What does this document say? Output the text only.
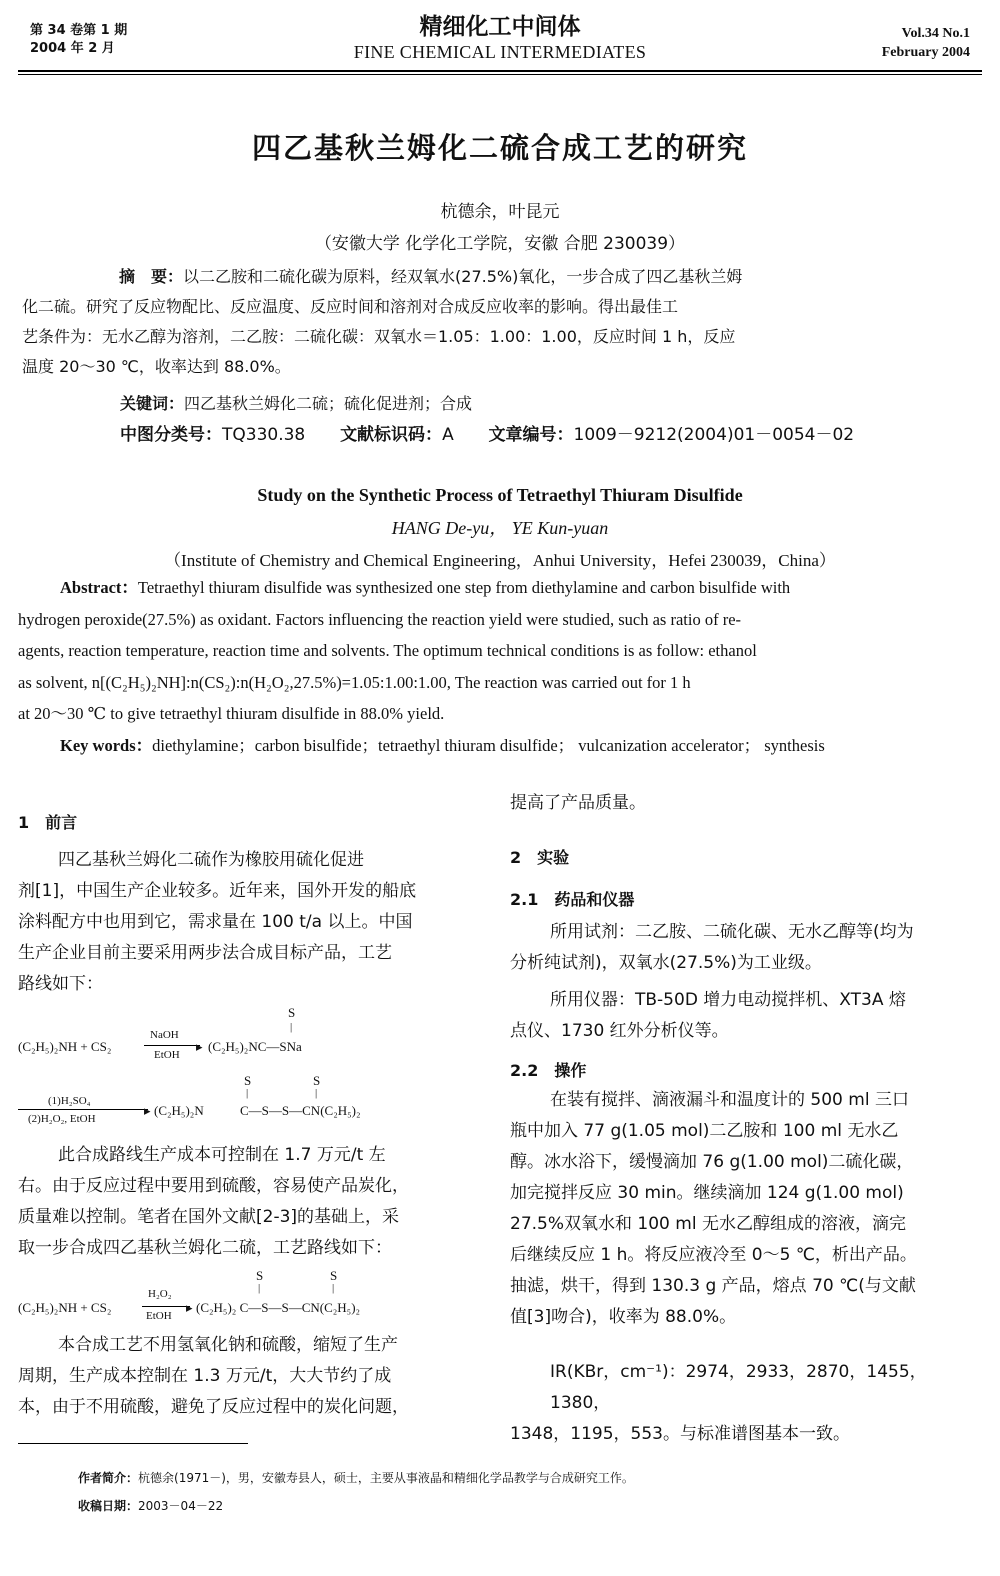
第 34 卷第 1 期
2004 年 2 月
精细化工中间体
FINE CHEMICAL INTERMEDIATES
Vol.34 No.1
February 2004
四乙基秋兰姆化二硫合成工艺的研究
杭德余，叶昆元
（安徽大学 化学化工学院，安徽 合肥 230039）
摘　要：以二乙胺和二硫化碳为原料，经双氧水(27.5%)氧化，一步合成了四乙基秋兰姆
化二硫。研究了反应物配比、反应温度、反应时间和溶剂对合成反应收率的影响。得出最佳工
艺条件为：无水乙醇为溶剂，二乙胺：二硫化碳：双氧水＝1.05：1.00：1.00，反应时间 1 h，反应
温度 20～30 ℃，收率达到 88.0%。
关键词：四乙基秋兰姆化二硫；硫化促进剂；合成
中图分类号：TQ330.38 文献标识码：A 文章编号：1009－9212(2004)01－0054－02
Study on the Synthetic Process of Tetraethyl Thiuram Disulfide
HANG De-yu， YE Kun-yuan
（Institute of Chemistry and Chemical Engineering，Anhui University，Hefei 230039，China）
Abstract：Tetraethyl thiuram disulfide was synthesized one step from diethylamine and carbon bisulfide with
hydrogen peroxide(27.5%) as oxidant. Factors influencing the reaction yield were studied, such as ratio of re-
agents, reaction temperature, reaction time and solvents. The optimum technical conditions is as follow: ethanol
as solvent, n[(C₂H₅)₂NH]:n(CS₂):n(H₂O₂,27.5%)=1.05:1.00:1.00, The reaction was carried out for 1 h
at 20～30 ℃ to give tetraethyl thiuram disulfide in 88.0% yield.
Key words：diethylamine；carbon bisulfide；tetraethyl thiuram disulfide； vulcanization accelerator； synthesis
1　前言
四乙基秋兰姆化二硫作为橡胶用硫化促进
剂[1]，中国生产企业较多。近年来，国外开发的船底
涂料配方中也用到它，需求量在 100 t/a 以上。中国
生产企业目前主要采用两步法合成目标产品，工艺
路线如下：
S
|
(C₂H₅)₂NH + CS₂
NaOH
▸
EtOH
(C₂H₅)₂NC—SNa
S
|
S
|
(1)H₂SO₄
▸
(2)H₂O₂, EtOH
(C₂H₅)₂N	C—S—S—CN(C₂H₅)₂
此合成路线生产成本可控制在 1.7 万元/t 左
右。由于反应过程中要用到硫酸，容易使产品炭化，
质量难以控制。笔者在国外文献[2-3]的基础上，采
取一步合成四乙基秋兰姆化二硫，工艺路线如下：
S
|
S
|
(C₂H₅)₂NH + CS₂
H₂O₂
▸
EtOH
(C₂H₅)₂ C—S—S—CN(C₂H₅)₂
本合成工艺不用氢氧化钠和硫酸，缩短了生产
周期，生产成本控制在 1.3 万元/t，大大节约了成
本，由于不用硫酸，避免了反应过程中的炭化问题，
提高了产品质量。
2　实验
2.1　药品和仪器
所用试剂：二乙胺、二硫化碳、无水乙醇等(均为
分析纯试剂)，双氧水(27.5%)为工业级。
所用仪器：TB-50D 增力电动搅拌机、XT3A 熔
点仪、1730 红外分析仪等。
2.2　操作
在装有搅拌、滴液漏斗和温度计的 500 ml 三口
瓶中加入 77 g(1.05 mol)二乙胺和 100 ml 无水乙
醇。冰水浴下，缓慢滴加 76 g(1.00 mol)二硫化碳，
加完搅拌反应 30 min。继续滴加 124 g(1.00 mol)
27.5%双氧水和 100 ml 无水乙醇组成的溶液，滴完
后继续反应 1 h。将反应液冷至 0～5 ℃，析出产品。
抽滤，烘干，得到 130.3 g 产品，熔点 70 ℃(与文献
值[3]吻合)，收率为 88.0%。
IR(KBr，cm⁻¹)：2974，2933，2870，1455，1380，
1348，1195，553。与标准谱图基本一致。
作者简介：杭德余(1971－)，男，安徽寿县人，硕士，主要从事液晶和精细化学品教学与合成研究工作。
收稿日期：2003－04－22
